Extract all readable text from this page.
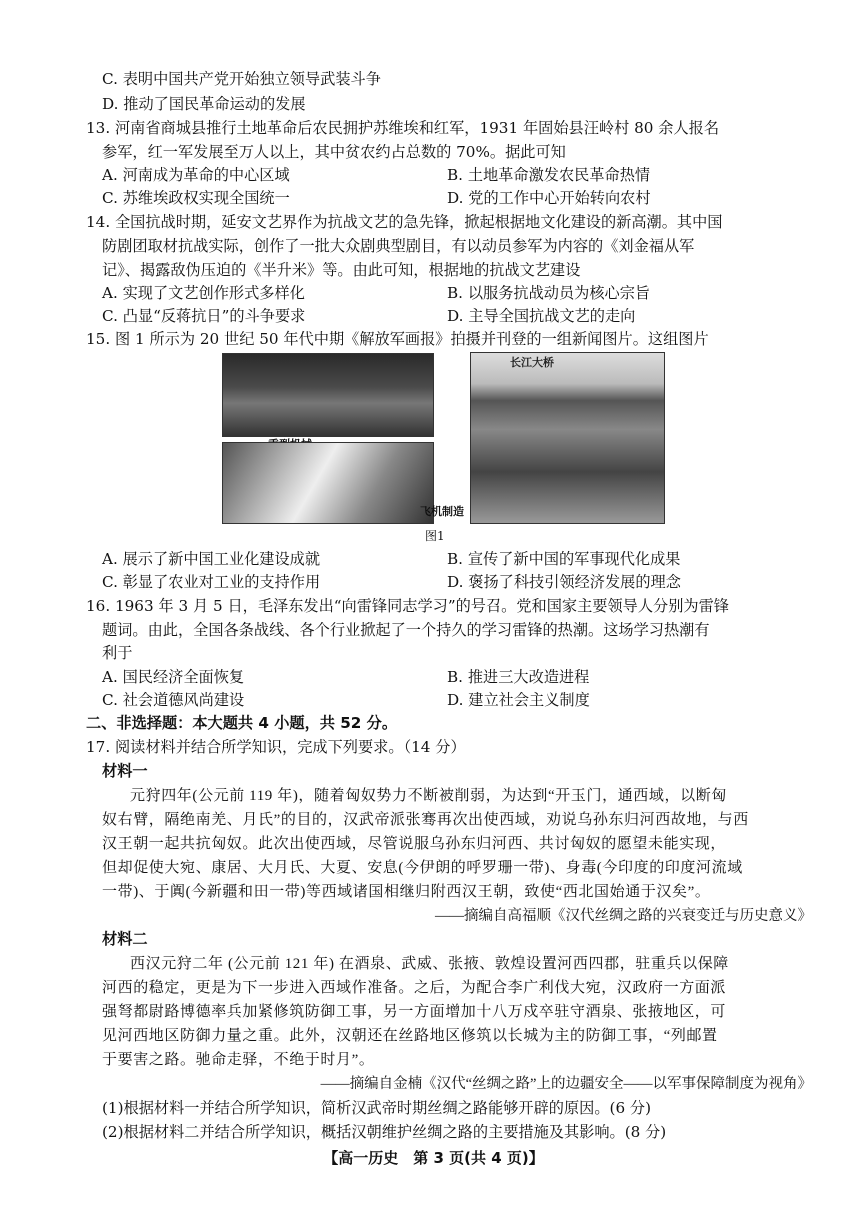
C. 表明中国共产党开始独立领导武装斗争
D. 推动了国民革命运动的发展
13. 河南省商城县推行土地革命后农民拥护苏维埃和红军，1931 年固始县汪岭村 80 余人报名
参军，红一军发展至万人以上，其中贫农约占总数的 70%。据此可知
A. 河南成为革命的中心区域	B. 土地革命激发农民革命热情
C. 苏维埃政权实现全国统一	D. 党的工作中心开始转向农村
14. 全国抗战时期，延安文艺界作为抗战文艺的急先锋，掀起根据地文化建设的新高潮。其中国
防剧团取材抗战实际，创作了一批大众剧典型剧目，有以动员参军为内容的《刘金福从军
记》、揭露敌伪压迫的《半升米》等。由此可知，根据地的抗战文艺建设
A. 实现了文艺创作形式多样化	B. 以服务抗战动员为核心宗旨
C. 凸显“反蒋抗日”的斗争要求	D. 主导全国抗战文艺的走向
15. 图 1 所示为 20 世纪 50 年代中期《解放军画报》拍摄并刊登的一组新闻图片。这组图片
长江大桥
飞机制造
图1
A. 展示了新中国工业化建设成就	B. 宣传了新中国的军事现代化成果
C. 彰显了农业对工业的支持作用	D. 褒扬了科技引领经济发展的理念
16. 1963 年 3 月 5 日，毛泽东发出“向雷锋同志学习”的号召。党和国家主要领导人分别为雷锋
题词。由此，全国各条战线、各个行业掀起了一个持久的学习雷锋的热潮。这场学习热潮有
利于
A. 国民经济全面恢复	B. 推进三大改造进程
C. 社会道德风尚建设	D. 建立社会主义制度
二、非选择题：本大题共 4 小题，共 52 分。
17. 阅读材料并结合所学知识，完成下列要求。（14 分）
材料一
元狩四年(公元前 119 年)，随着匈奴势力不断被削弱，为达到“开玉门，通西域，以断匈
奴右臂，隔绝南羌、月氏”的目的，汉武帝派张骞再次出使西域，劝说乌孙东归河西故地，与西
汉王朝一起共抗匈奴。此次出使西域，尽管说服乌孙东归河西、共讨匈奴的愿望未能实现，
但却促使大宛、康居、大月氏、大夏、安息(今伊朗的呼罗珊一带)、身毒(今印度的印度河流域
一带)、于阗(今新疆和田一带)等西域诸国相继归附西汉王朝，致使“西北国始通于汉矣”。
——摘编自高福顺《汉代丝绸之路的兴衰变迁与历史意义》
材料二
西汉元狩二年 (公元前 121 年) 在酒泉、武威、张掖、敦煌设置河西四郡，驻重兵以保障
河西的稳定，更是为下一步进入西域作准备。之后，为配合李广利伐大宛，汉政府一方面派
强弩都尉路博德率兵加紧修筑防御工事，另一方面增加十八万戍卒驻守酒泉、张掖地区，可
见河西地区防御力量之重。此外，汉朝还在丝路地区修筑以长城为主的防御工事，“列邮置
于要害之路。驰命走驿，不绝于时月”。
——摘编自金楠《汉代“丝绸之路”上的边疆安全——以军事保障制度为视角》
(1)根据材料一并结合所学知识，简析汉武帝时期丝绸之路能够开辟的原因。(6 分)
(2)根据材料二并结合所学知识，概括汉朝维护丝绸之路的主要措施及其影响。(8 分)
【高一历史　第 3 页(共 4 页)】
